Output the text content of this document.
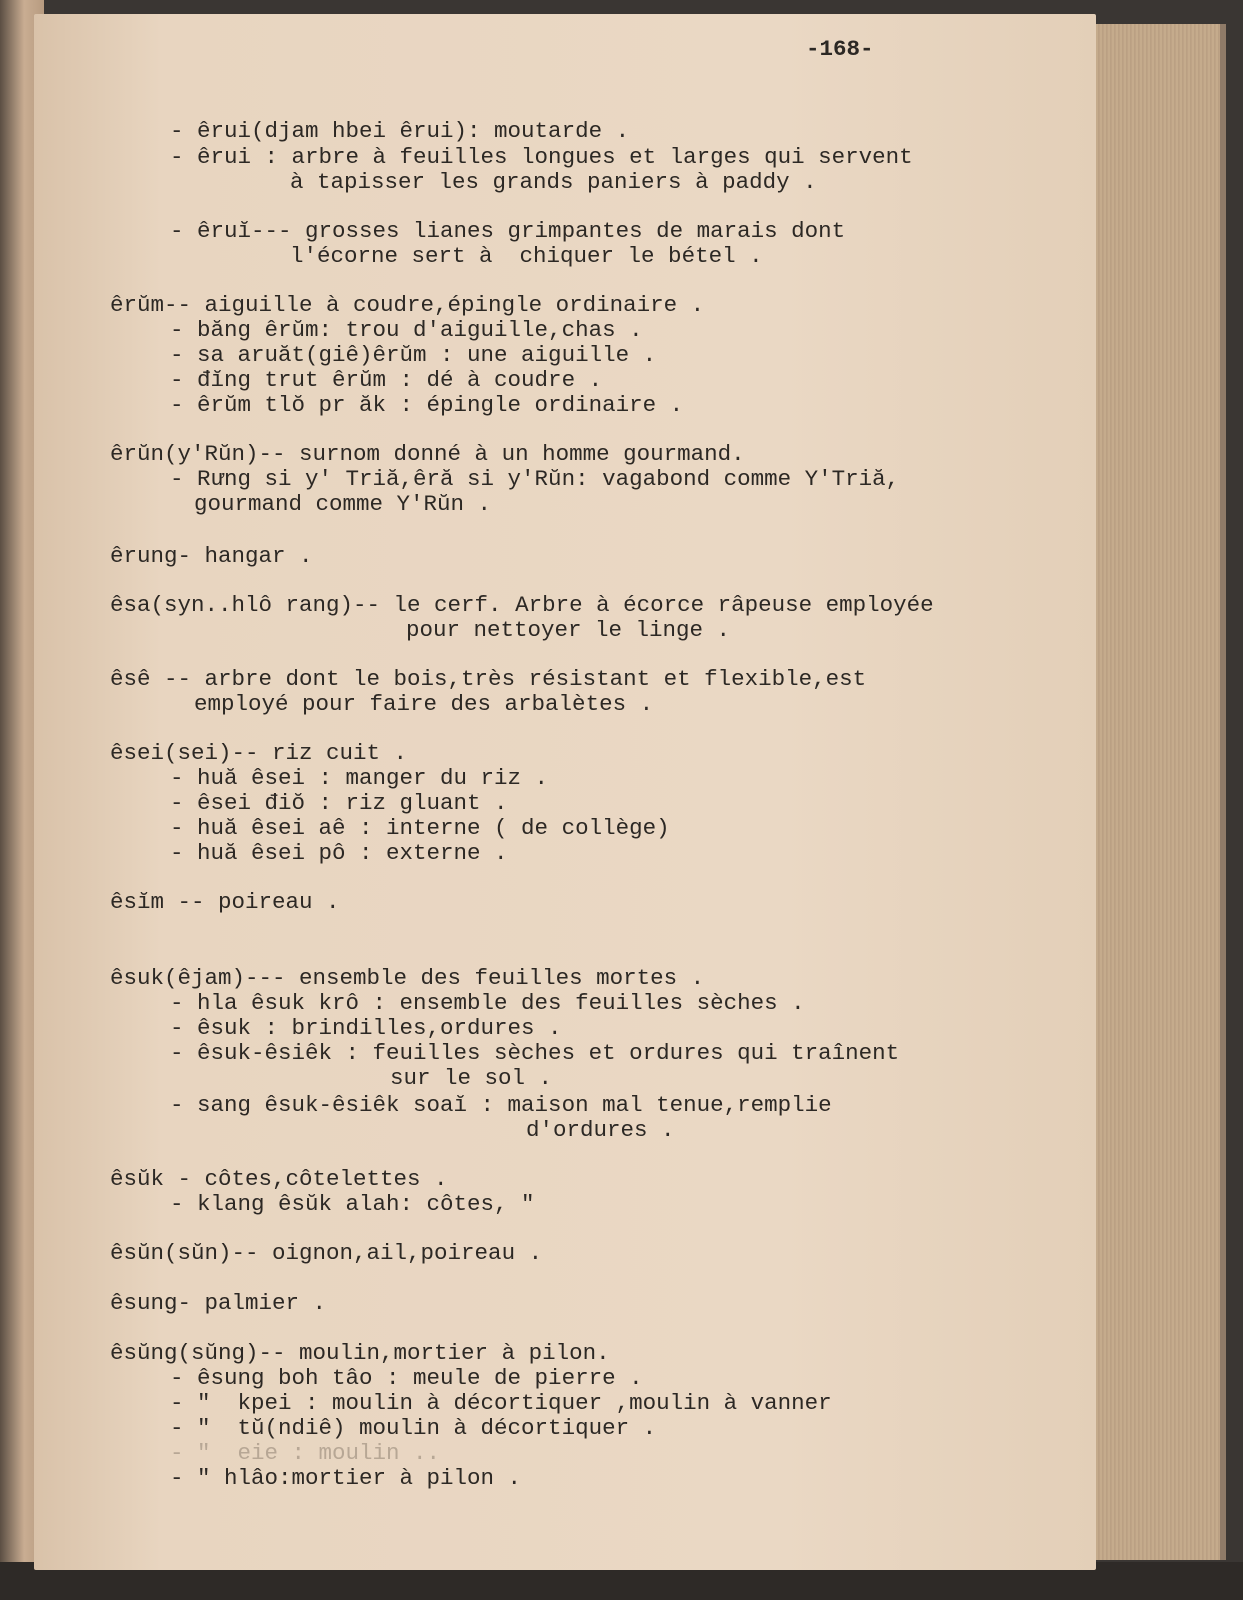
-168-

- êrui(djam hbei êrui): moutarde .

- êrui : arbre à feuilles longues et larges qui servent

à tapisser les grands paniers à paddy .

- êruĭ--- grosses lianes grimpantes de marais dont

l'écorne sert à  chiquer le bétel .

êrŭm-- aiguille à coudre,épingle ordinaire .

- băng êrŭm: trou d'aiguille,chas .

- sa aruăt(giê)êrŭm : une aiguille .

- đĭng trut êrŭm : dé à coudre .

- êrŭm tlŏ pr ăk : épingle ordinaire .

êrŭn(y'Rŭn)-- surnom donné à un homme gourmand.

- Rưng si y' Triă,êră si y'Rŭn: vagabond comme Y'Triă,

gourmand comme Y'Rŭn .

êrung- hangar .

êsa(syn..hlô rang)-- le cerf. Arbre à écorce râpeuse employée

pour nettoyer le linge .

êsê -- arbre dont le bois,très résistant et flexible,est

employé pour faire des arbalètes .

êsei(sei)-- riz cuit .

- huă êsei : manger du riz .

- êsei điŏ : riz gluant .

- huă êsei aê : interne ( de collège)

- huă êsei pô : externe .

êsĭm -- poireau .

êsuk(êjam)--- ensemble des feuilles mortes .

- hla êsuk krô : ensemble des feuilles sèches .

- êsuk : brindilles,ordures .

- êsuk-êsiêk : feuilles sèches et ordures qui traînent

sur le sol .

- sang êsuk-êsiêk soaĭ : maison mal tenue,remplie

d'ordures .

êsŭk - côtes,côtelettes .

- klang êsŭk alah: côtes, "

êsŭn(sŭn)-- oignon,ail,poireau .

êsung- palmier .

êsŭng(sŭng)-- moulin,mortier à pilon.

- êsung boh tâo : meule de pierre .

- "  kpei : moulin à décortiquer ,moulin à vanner

- "  tŭ(ndiê) moulin à décortiquer .

- "  eie : moulin ..

- " hlâo:mortier à pilon .
